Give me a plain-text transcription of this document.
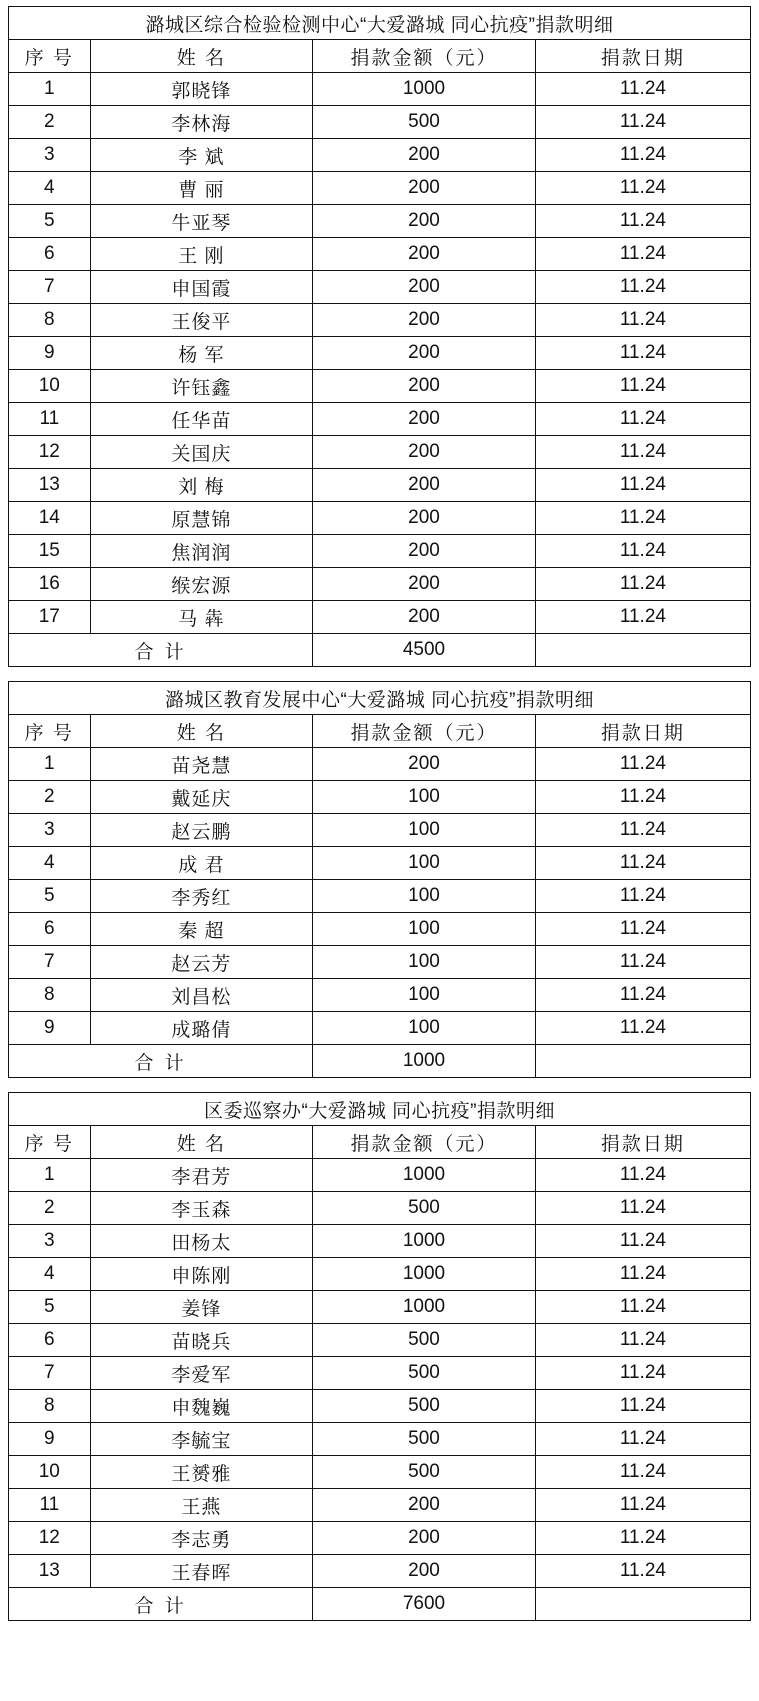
潞城区综合检验检测中心“大爱潞城 同心抗疫”捐款明细			
序 号	姓 名	捐款金额（元）	捐款日期
1	郭晓锋	1000	11.24
2	李林海	500	11.24
3	李 斌	200	11.24
4	曹 丽	200	11.24
5	牛亚琴	200	11.24
6	王 刚	200	11.24
7	申国霞	200	11.24
8	王俊平	200	11.24
9	杨 军	200	11.24
10	许钰鑫	200	11.24
11	任华苗	200	11.24
12	关国庆	200	11.24
13	刘 梅	200	11.24
14	原慧锦	200	11.24
15	焦润润	200	11.24
16	缑宏源	200	11.24
17	马 犇	200	11.24
合 计		4500	
潞城区教育发展中心“大爱潞城 同心抗疫”捐款明细			
序 号	姓 名	捐款金额（元）	捐款日期
1	苗尧慧	200	11.24
2	戴延庆	100	11.24
3	赵云鹏	100	11.24
4	成 君	100	11.24
5	李秀红	100	11.24
6	秦 超	100	11.24
7	赵云芳	100	11.24
8	刘昌松	100	11.24
9	成璐倩	100	11.24
合 计		1000	
区委巡察办“大爱潞城 同心抗疫”捐款明细			
序 号	姓 名	捐款金额（元）	捐款日期
1	李君芳	1000	11.24
2	李玉森	500	11.24
3	田杨太	1000	11.24
4	申陈刚	1000	11.24
5	姜锋	1000	11.24
6	苗晓兵	500	11.24
7	李爱军	500	11.24
8	申魏巍	500	11.24
9	李毓宝	500	11.24
10	王赟雅	500	11.24
11	王燕	200	11.24
12	李志勇	200	11.24
13	王春晖	200	11.24
合 计		7600	
